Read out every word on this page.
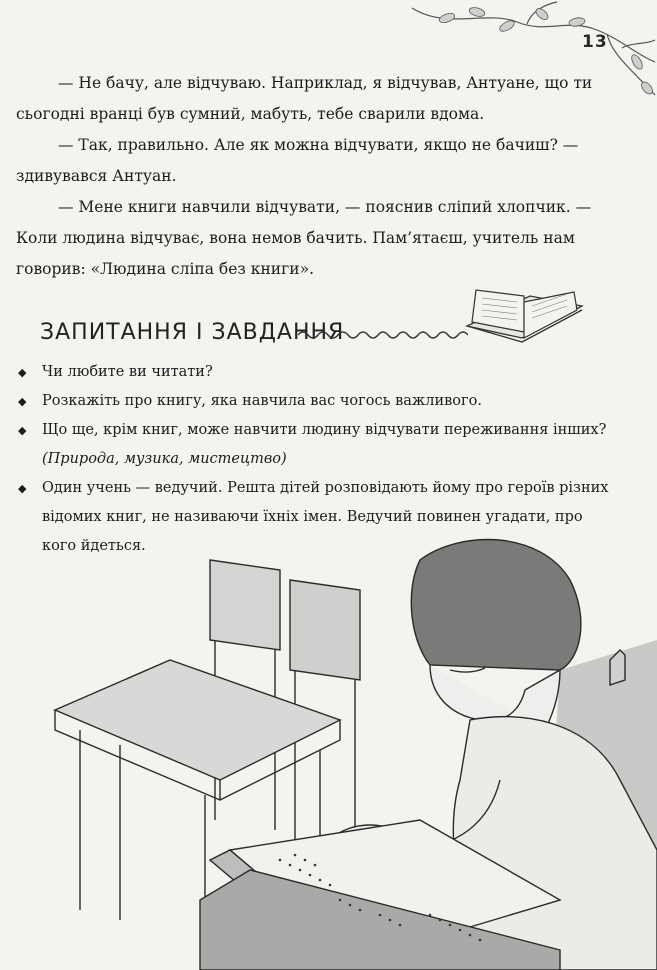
13

— Не бачу, але відчуваю. Наприклад, я відчував, Антуане, що ти сьогодні вранці був сумний, мабуть, тебе сварили вдома.

— Так, правильно. Але як можна відчувати, якщо не бачиш? — здивувався Антуан.

— Мене книги навчили відчувати, — пояснив сліпий хлопчик. — Коли людина відчуває, вона немов бачить. Пам’ятаєш, учитель нам говорив: «Людина сліпа без книги».

ЗАПИТАННЯ І ЗАВДАННЯ
◆ Чи любите ви читати?
◆ Розкажіть про книгу, яка навчила вас чогось важливого.
◆ Що ще, крім книг, може навчити людину відчувати переживання інших? (Природа, музика, мистецтво)
◆ Один учень — ведучий. Решта дітей розповідають йому про героїв різних відомих книг, не називаючи їхніх імен. Ведучий повинен угадати, про кого йдеться.
